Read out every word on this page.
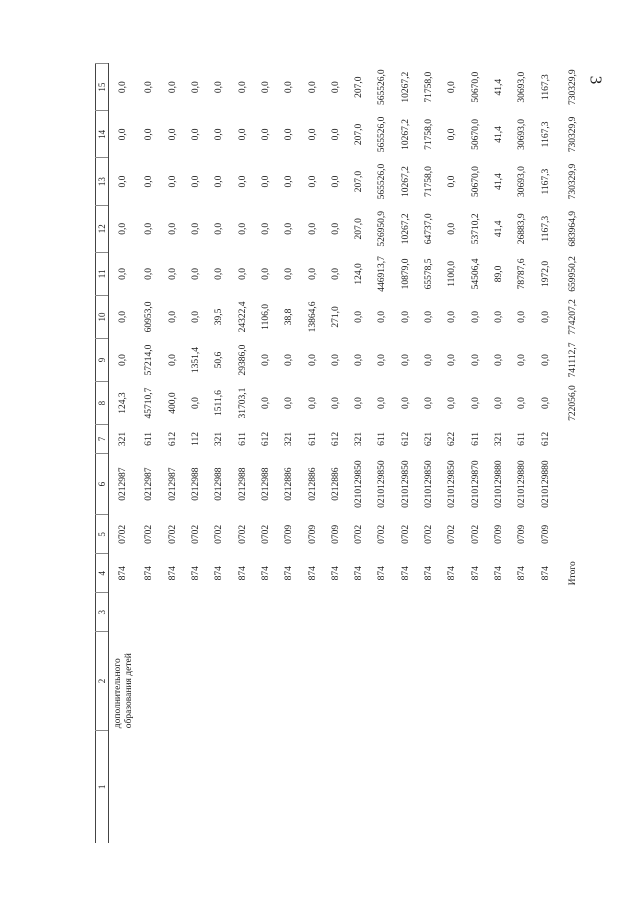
3
1	2	3	4	5	6	7	8	9	10	11	12	13	14	15
	дополнительного образования детей		874	0702	0212987	321	124,3	0,0	0,0	0,0	0,0	0,0	0,0	0,0
			874	0702	0212987	611	45710,7	57214,0	60953,0	0,0	0,0	0,0	0,0	0,0
			874	0702	0212987	612	400,0	0,0	0,0	0,0	0,0	0,0	0,0	0,0
			874	0702	0212988	112	0,0	1351,4	0,0	0,0	0,0	0,0	0,0	0,0
			874	0702	0212988	321	1511,6	50,6	39,5	0,0	0,0	0,0	0,0	0,0
			874	0702	0212988	611	31703,1	29386,0	24322,4	0,0	0,0	0,0	0,0	0,0
			874	0702	0212988	612	0,0	0,0	1106,0	0,0	0,0	0,0	0,0	0,0
			874	0709	0212886	321	0,0	0,0	38,8	0,0	0,0	0,0	0,0	0,0
			874	0709	0212886	611	0,0	0,0	13864,6	0,0	0,0	0,0	0,0	0,0
			874	0709	0212886	612	0,0	0,0	271,0	0,0	0,0	0,0	0,0	0,0
			874	0702	0210129850	321	0,0	0,0	0,0	124,0	207,0	207,0	207,0	207,0
			874	0702	0210129850	611	0,0	0,0	0,0	446913,7	526950,9	565526,0	565526,0	565526,0
			874	0702	0210129850	612	0,0	0,0	0,0	10879,0	10267,2	10267,2	10267,2	10267,2
			874	0702	0210129850	621	0,0	0,0	0,0	65578,5	64737,0	71758,0	71758,0	71758,0
			874	0702	0210129850	622	0,0	0,0	0,0	1100,0	0,0	0,0	0,0	0,0
			874	0702	0210129870	611	0,0	0,0	0,0	54506,4	53710,2	50670,0	50670,0	50670,0
			874	0709	0210129880	321	0,0	0,0	0,0	89,0	41,4	41,4	41,4	41,4
			874	0709	0210129880	611	0,0	0,0	0,0	78787,6	26883,9	30693,0	30693,0	30693,0
			874	0709	0210129880	612	0,0	0,0	0,0	1972,0	1167,3	1167,3	1167,3	1167,3
			Итого				722056,0	741112,7	774207,2	659950,2	683964,9	730329,9	730329,9	730329,9
